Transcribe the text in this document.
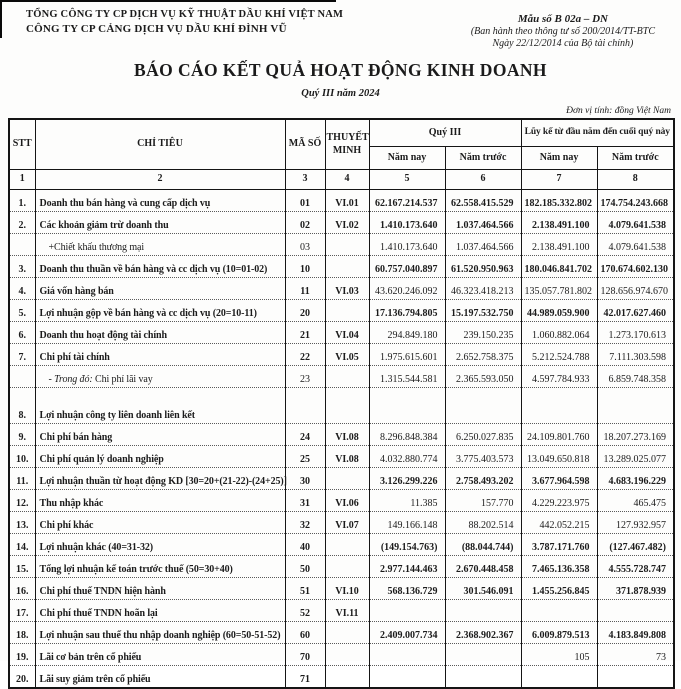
TỔNG CÔNG TY CP DỊCH VỤ KỸ THUẬT DẦU KHÍ VIỆT NAM
CÔNG TY CP CẢNG DỊCH VỤ DẦU KHÍ ĐÌNH VŨ
Mẫu số B 02a – DN
(Ban hành theo thông tư số 200/2014/TT-BTC
Ngày 22/12/2014 của Bộ tài chính)
BÁO CÁO KẾT QUẢ HOẠT ĐỘNG KINH DOANH
Quý III năm 2024
Đơn vị tính: đồng Việt Nam
STT	CHỈ TIÊU	MÃ SỐ	THUYẾT MINH	Quý III		Lũy kế từ đầu năm đến cuối quý này	
				Năm nay	Năm trước	Năm nay	Năm trước
1	2	3	4	5	6	7	8
1.	Doanh thu bán hàng và cung cấp dịch vụ	01	VI.01	62.167.214.537	62.558.415.529	182.185.332.802	174.754.243.668
2.	Các khoản giảm trừ doanh thu	02	VI.02	1.410.173.640	1.037.464.566	2.138.491.100	4.079.641.538
	+Chiết khấu thương mại	03		1.410.173.640	1.037.464.566	2.138.491.100	4.079.641.538
3.	Doanh thu thuần về bán hàng và cc dịch vụ (10=01-02)	10		60.757.040.897	61.520.950.963	180.046.841.702	170.674.602.130
4.	Giá vốn hàng bán	11	VI.03	43.620.246.092	46.323.418.213	135.057.781.802	128.656.974.670
5.	Lợi nhuận gộp về bán hàng và cc dịch vụ (20=10-11)	20		17.136.794.805	15.197.532.750	44.989.059.900	42.017.627.460
6.	Doanh thu hoạt động tài chính	21	VI.04	294.849.180	239.150.235	1.060.882.064	1.273.170.613
7.	Chi phí tài chính	22	VI.05	1.975.615.601	2.652.758.375	5.212.524.788	7.111.303.598
	- Trong đó: Chi phí lãi vay	23		1.315.544.581	2.365.593.050	4.597.784.933	6.859.748.358
8.	Lợi nhuận công ty liên doanh liên kết						
9.	Chi phí bán hàng	24	VI.08	8.296.848.384	6.250.027.835	24.109.801.760	18.207.273.169
10.	Chi phí quản lý doanh nghiệp	25	VI.08	4.032.880.774	3.775.403.573	13.049.650.818	13.289.025.077
11.	Lợi nhuận thuần từ hoạt động KD [30=20+(21-22)-(24+25)]	30		3.126.299.226	2.758.493.202	3.677.964.598	4.683.196.229
12.	Thu nhập khác	31	VI.06	11.385	157.770	4.229.223.975	465.475
13.	Chi phí khác	32	VI.07	149.166.148	88.202.514	442.052.215	127.932.957
14.	Lợi nhuận khác (40=31-32)	40		(149.154.763)	(88.044.744)	3.787.171.760	(127.467.482)
15.	Tổng lợi nhuận kế toán trước thuế (50=30+40)	50		2.977.144.463	2.670.448.458	7.465.136.358	4.555.728.747
16.	Chi phí thuế TNDN hiện hành	51	VI.10	568.136.729	301.546.091	1.455.256.845	371.878.939
17.	Chi phí thuế TNDN hoãn lại	52	VI.11				
18.	Lợi nhuận sau thuế thu nhập doanh nghiệp (60=50-51-52)	60		2.409.007.734	2.368.902.367	6.009.879.513	4.183.849.808
19.	Lãi cơ bản trên cổ phiếu	70				105	73
20.	Lãi suy giảm trên cổ phiếu	71					
